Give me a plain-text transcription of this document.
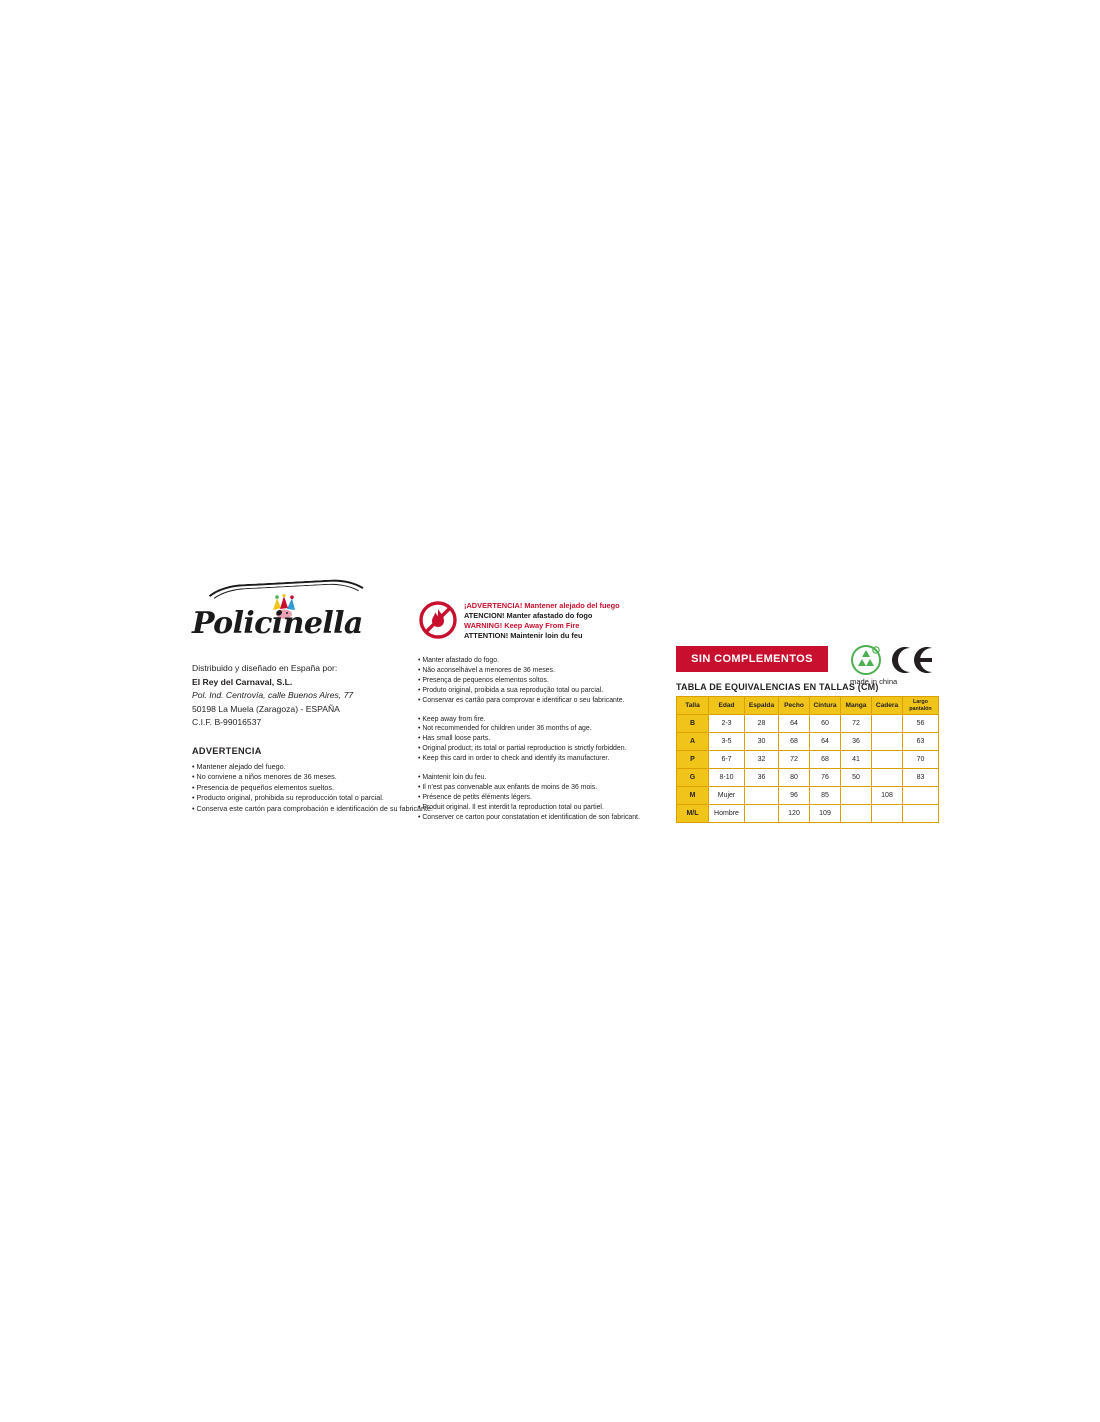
Policinella
Distribuido y diseñado en España por:
El Rey del Carnaval, S.L.
Pol. Ind. Centrovía, calle Buenos Aires, 77
50198 La Muela (Zaragoza) - ESPAÑA
C.I.F. B-99016537
ADVERTENCIA
• Mantener alejado del fuego.
• No conviene a niños menores de 36 meses.
• Presencia de pequeños elementos sueltos.
• Producto original, prohibida su reproducción total o parcial.
• Conserva este cartón para comprobación e identificación de su fabricante.
¡ADVERTENCIA! Mantener alejado del fuego
ATENCION! Manter afastado do fogo
WARNING! Keep Away From Fire
ATTENTION! Maintenir loin du feu
• Manter afastado do fogo.
• Não aconselhável a menores de 36 meses.
• Presença de pequenos elementos soltos.
• Produto original, proibida a sua reprodução total ou parcial.
• Conservar es cartão para comprovar e identificar o seu fabricante.
• Keep away from fire.
• Not recommended for children under 36 months of age.
• Has small loose parts.
• Original product; its total or partial reproduction is strictly forbidden.
• Keep this card in order to check and identify its manufacturer.
• Maintenir loin du feu.
• Il n'est pas convenable aux enfants de moins de 36 mois.
• Présence de petits éléments légers.
• Produit original. Il est interdit la reproduction total ou partiel.
• Conserver ce carton pour constatation et identification de son fabricant.
SIN COMPLEMENTOS
R
made in china
TABLA DE EQUIVALENCIAS EN TALLAS (CM)
Talla	Edad	Espalda	Pecho	Cintura	Manga	Cadera	Largo pantalón
B	2-3	28	64	60	72		56
A	3-5	30	68	64	36		63
P	6-7	32	72	68	41		70
G	8-10	36	80	76	50		83
M	Mujer		96	85		108	
M/L	Hombre		120	109			
